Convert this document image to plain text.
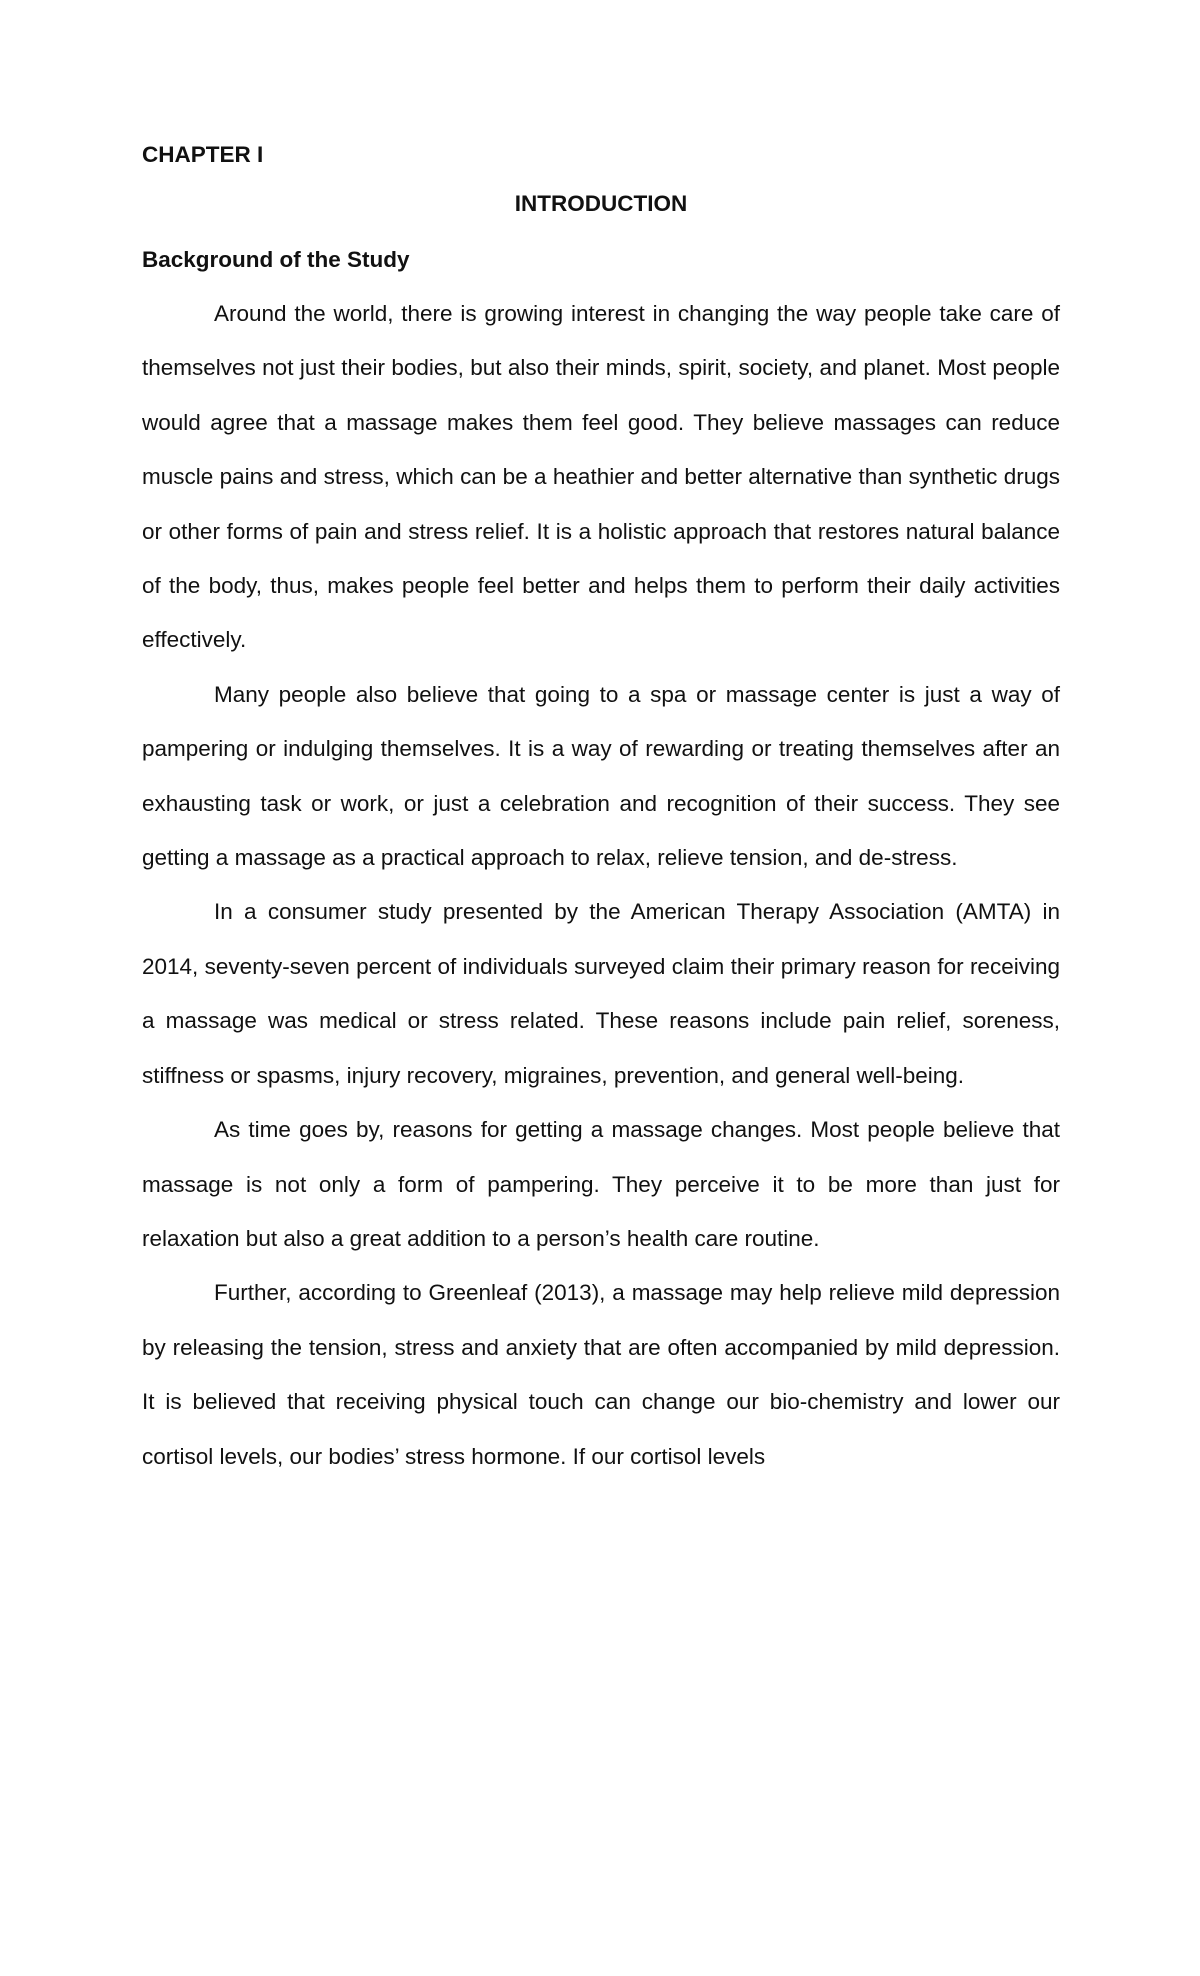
CHAPTER I
INTRODUCTION
Background of the Study

Around the world, there is growing interest in changing the way people take care of themselves not just their bodies, but also their minds, spirit, society, and planet. Most people would agree that a massage makes them feel good. They believe massages can reduce muscle pains and stress, which can be a heathier and better alternative than synthetic drugs or other forms of pain and stress relief. It is a holistic approach that restores natural balance of the body, thus, makes people feel better and helps them to perform their daily activities effectively.

Many people also believe that going to a spa or massage center is just a way of pampering or indulging themselves. It is a way of rewarding or treating themselves after an exhausting task or work, or just a celebration and recognition of their success. They see getting a massage as a practical approach to relax, relieve tension, and de-stress.

In a consumer study presented by the American Therapy Association (AMTA) in 2014, seventy-seven percent of individuals surveyed claim their primary reason for receiving a massage was medical or stress related. These reasons include pain relief, soreness, stiffness or spasms, injury recovery, migraines, prevention, and general well-being.

As time goes by, reasons for getting a massage changes. Most people believe that massage is not only a form of pampering. They perceive it to be more than just for relaxation but also a great addition to a person’s health care routine.

Further, according to Greenleaf (2013), a massage may help relieve mild depression by releasing the tension, stress and anxiety that are often accompanied by mild depression. It is believed that receiving physical touch can change our bio-chemistry and lower our cortisol levels, our bodies’ stress hormone. If our cortisol levels
